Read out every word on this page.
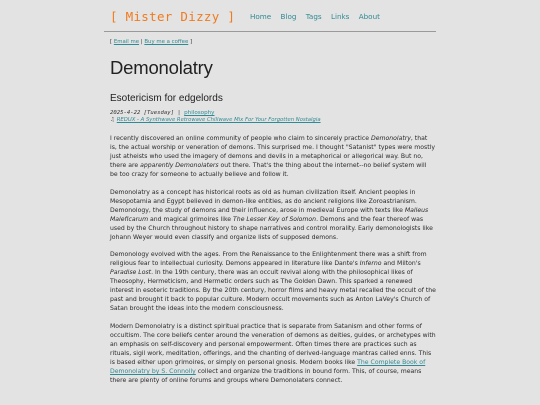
[ Mister Dizzy ] Home Blog Tags Links About
[ Email me | Buy me a coffee ]
Demonolatry
Esotericism for edgelords
2025-4-22 [Tuesday] | philosophy
♫ REDUX - A Synthwave Retrowave Chillwave Mix For Your Forgotten Nostalgia

I recently discovered an online community of people who claim to sincerely practice Demonolatry, that is, the actual worship or veneration of demons. This surprised me. I thought "Satanist" types were mostly just atheists who used the imagery of demons and devils in a metaphorical or allegorical way. But no, there are apparently Demonolaters out there. That's the thing about the internet--no belief system will be too crazy for someone to actually believe and follow it.

Demonolatry as a concept has historical roots as old as human civilization itself. Ancient peoples in Mesopotamia and Egypt believed in demon-like entities, as do ancient religions like Zoroastrianism. Demonology, the study of demons and their influence, arose in medieval Europe with texts like Malleus Maleficarum and magical grimoires like The Lesser Key of Solomon. Demons and the fear thereof was used by the Church throughout history to shape narratives and control morality. Early demonologists like Johann Weyer would even classify and organize lists of supposed demons.

Demonology evolved with the ages. From the Renaissance to the Enlightenment there was a shift from religious fear to intellectual curiosity. Demons appeared in literature like Dante's Inferno and Milton's Paradise Lost. In the 19th century, there was an occult revival along with the philosophical likes of Theosophy, Hermeticism, and Hermetic orders such as The Golden Dawn. This sparked a renewed interest in esoteric traditions. By the 20th century, horror films and heavy metal recalled the occult of the past and brought it back to popular culture. Modern occult movements such as Anton LaVey's Church of Satan brought the ideas into the modern consciousness.

Modern Demonolatry is a distinct spiritual practice that is separate from Satanism and other forms of occultism. The core beliefs center around the veneration of demons as deities, guides, or archetypes with an emphasis on self-discovery and personal empowerment. Often times there are practices such as rituals, sigil work, meditation, offerings, and the chanting of derived-language mantras called enns. This is based either upon grimoires, or simply on personal gnosis. Modern books like The Complete Book of Demonolatry by S. Connolly collect and organize the traditions in bound form. This, of course, means there are plenty of online forums and groups where Demonolaters connect.
